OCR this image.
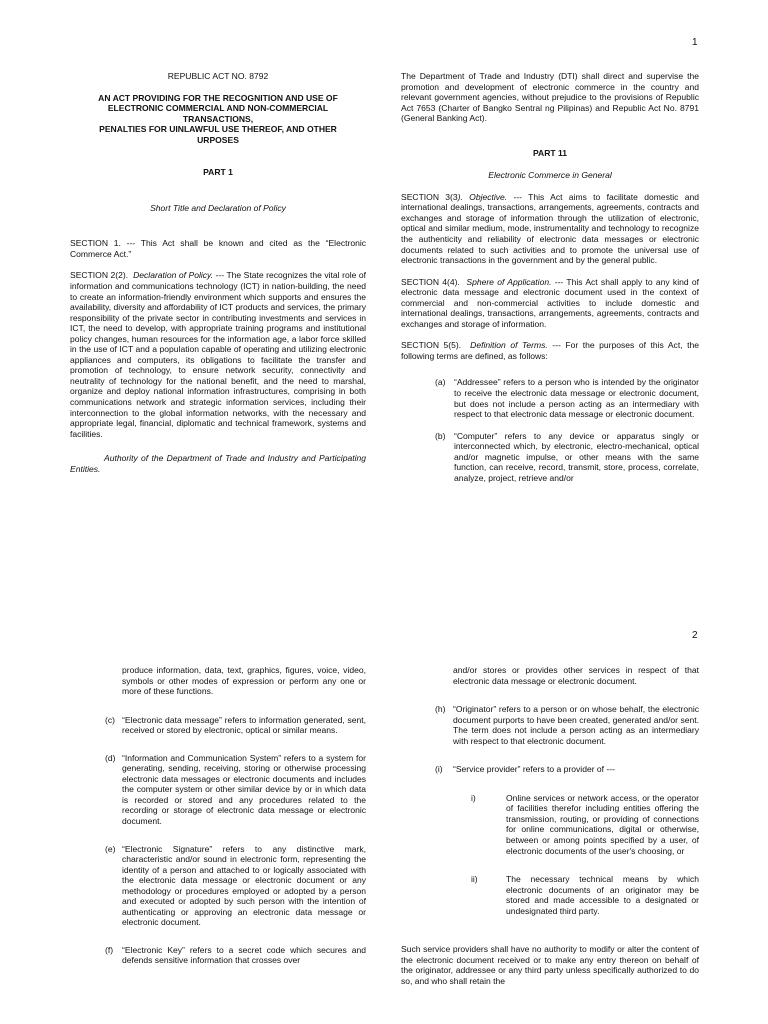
1

REPUBLIC ACT NO. 8792

AN ACT PROVIDING FOR THE RECOGNITION AND USE OF
ELECTRONIC COMMERCIAL AND NON-COMMERCIAL
TRANSACTIONS,
PENALTIES FOR UINLAWFUL USE THEREOF, AND OTHER
URPOSES

PART 1

Short Title and Declaration of Policy

SECTION 1. --- This Act shall be known and cited as the “Electronic Commerce Act.”

SECTION 2(2). Declaration of Policy. --- The State recognizes the vital role of information and communications technology (ICT) in nation-building, the need to create an information-friendly environment which supports and ensures the availability, diversity and affordability of ICT products and services, the primary responsibility of the private sector in contributing investments and services in ICT, the need to develop, with appropriate training programs and institutional policy changes, human resources for the information age, a labor force skilled in the use of ICT and a population capable of operating and utilizing electronic appliances and computers, its obligations to facilitate the transfer and promotion of technology, to ensure network security, connectivity and neutrality of technology for the national benefit, and the need to marshal, organize and deploy national information infrastructures, comprising in both communications network and strategic information services, including their interconnection to the global information networks, with the necessary and appropriate legal, financial, diplomatic and technical framework, systems and facilities.

Authority of the Department of Trade and Industry and Participating Entities.

The Department of Trade and Industry (DTI) shall direct and supervise the promotion and development of electronic commerce in the country and relevant government agencies, without prejudice to the provisions of Republic Act 7653 (Charter of Bangko Sentral ng Pilipinas) and Republic Act No. 8791 (General Banking Act).

PART 11

Electronic Commerce in General

SECTION 3(3). Objective. --- This Act aims to facilitate domestic and international dealings, transactions, arrangements, agreements, contracts and exchanges and storage of information through the utilization of electronic, optical and similar medium, mode, instrumentality and technology to recognize the authenticity and reliability of electronic data messages or electronic documents related to such activities and to promote the universal use of electronic transactions in the government and by the general public.

SECTION 4(4). Sphere of Application. --- This Act shall apply to any kind of electronic data message and electronic document used in the context of commercial and non-commercial activities to include domestic and international dealings, transactions, arrangements, agreements, contracts and exchanges and storage of information.

SECTION 5(5). Definition of Terms. --- For the purposes of this Act, the following terms are defined, as follows:

(a) “Addressee” refers to a person who is intended by the originator to receive the electronic data message or electronic document, but does not include a person acting as an intermediary with respect to that electronic data message or electronic document.
(b) “Computer” refers to any device or apparatus singly or interconnected which, by electronic, electro-mechanical, optical and/or magnetic impulse, or other means with the same function, can receive, record, transmit, store, process, correlate, analyze, project, retrieve and/or
2

produce information, data, text, graphics, figures, voice, video, symbols or other modes of expression or perform any one or more of these functions.

(c) “Electronic data message” refers to information generated, sent, received or stored by electronic, optical or similar means.
(d) “Information and Communication System” refers to a system for generating, sending, receiving, storing or otherwise processing electronic data messages or electronic documents and includes the computer system or other similar device by or in which data is recorded or stored and any procedures related to the recording or storage of electronic data message or electronic document.
(e) “Electronic Signature” refers to any distinctive mark, characteristic and/or sound in electronic form, representing the identity of a person and attached to or logically associated with the electronic data message or electronic document or any methodology or procedures employed or adopted by a person and executed or adopted by such person with the intention of authenticating or approving an electronic data message or electronic document.
(f)	“Electronic Key” refers to a secret code which secures and defends sensitive information that crosses over

and/or stores or provides other services in respect of that electronic data message or electronic document.

(h) “Originator” refers to a person or on whose behalf, the electronic document purports to have been created, generated and/or sent. The term does not include a person acting as an intermediary with respect to that electronic document.
(i)	“Service provider” refers to a provider of ---
i)	Online services or network access, or the operator of facilities therefor including entities offering the transmission, routing, or providing of connections for online communications, digital or otherwise, between or among points specified by a user, of electronic documents of the user's choosing, or
ii)	The necessary technical means by which electronic documents of an originator may be stored and made accessible to a designated or undesignated third party.

Such service providers shall have no authority to modify or alter the content of the electronic document received or to make any entry thereon on behalf of the originator, addressee or any third party unless specifically authorized to do so, and who shall retain the
